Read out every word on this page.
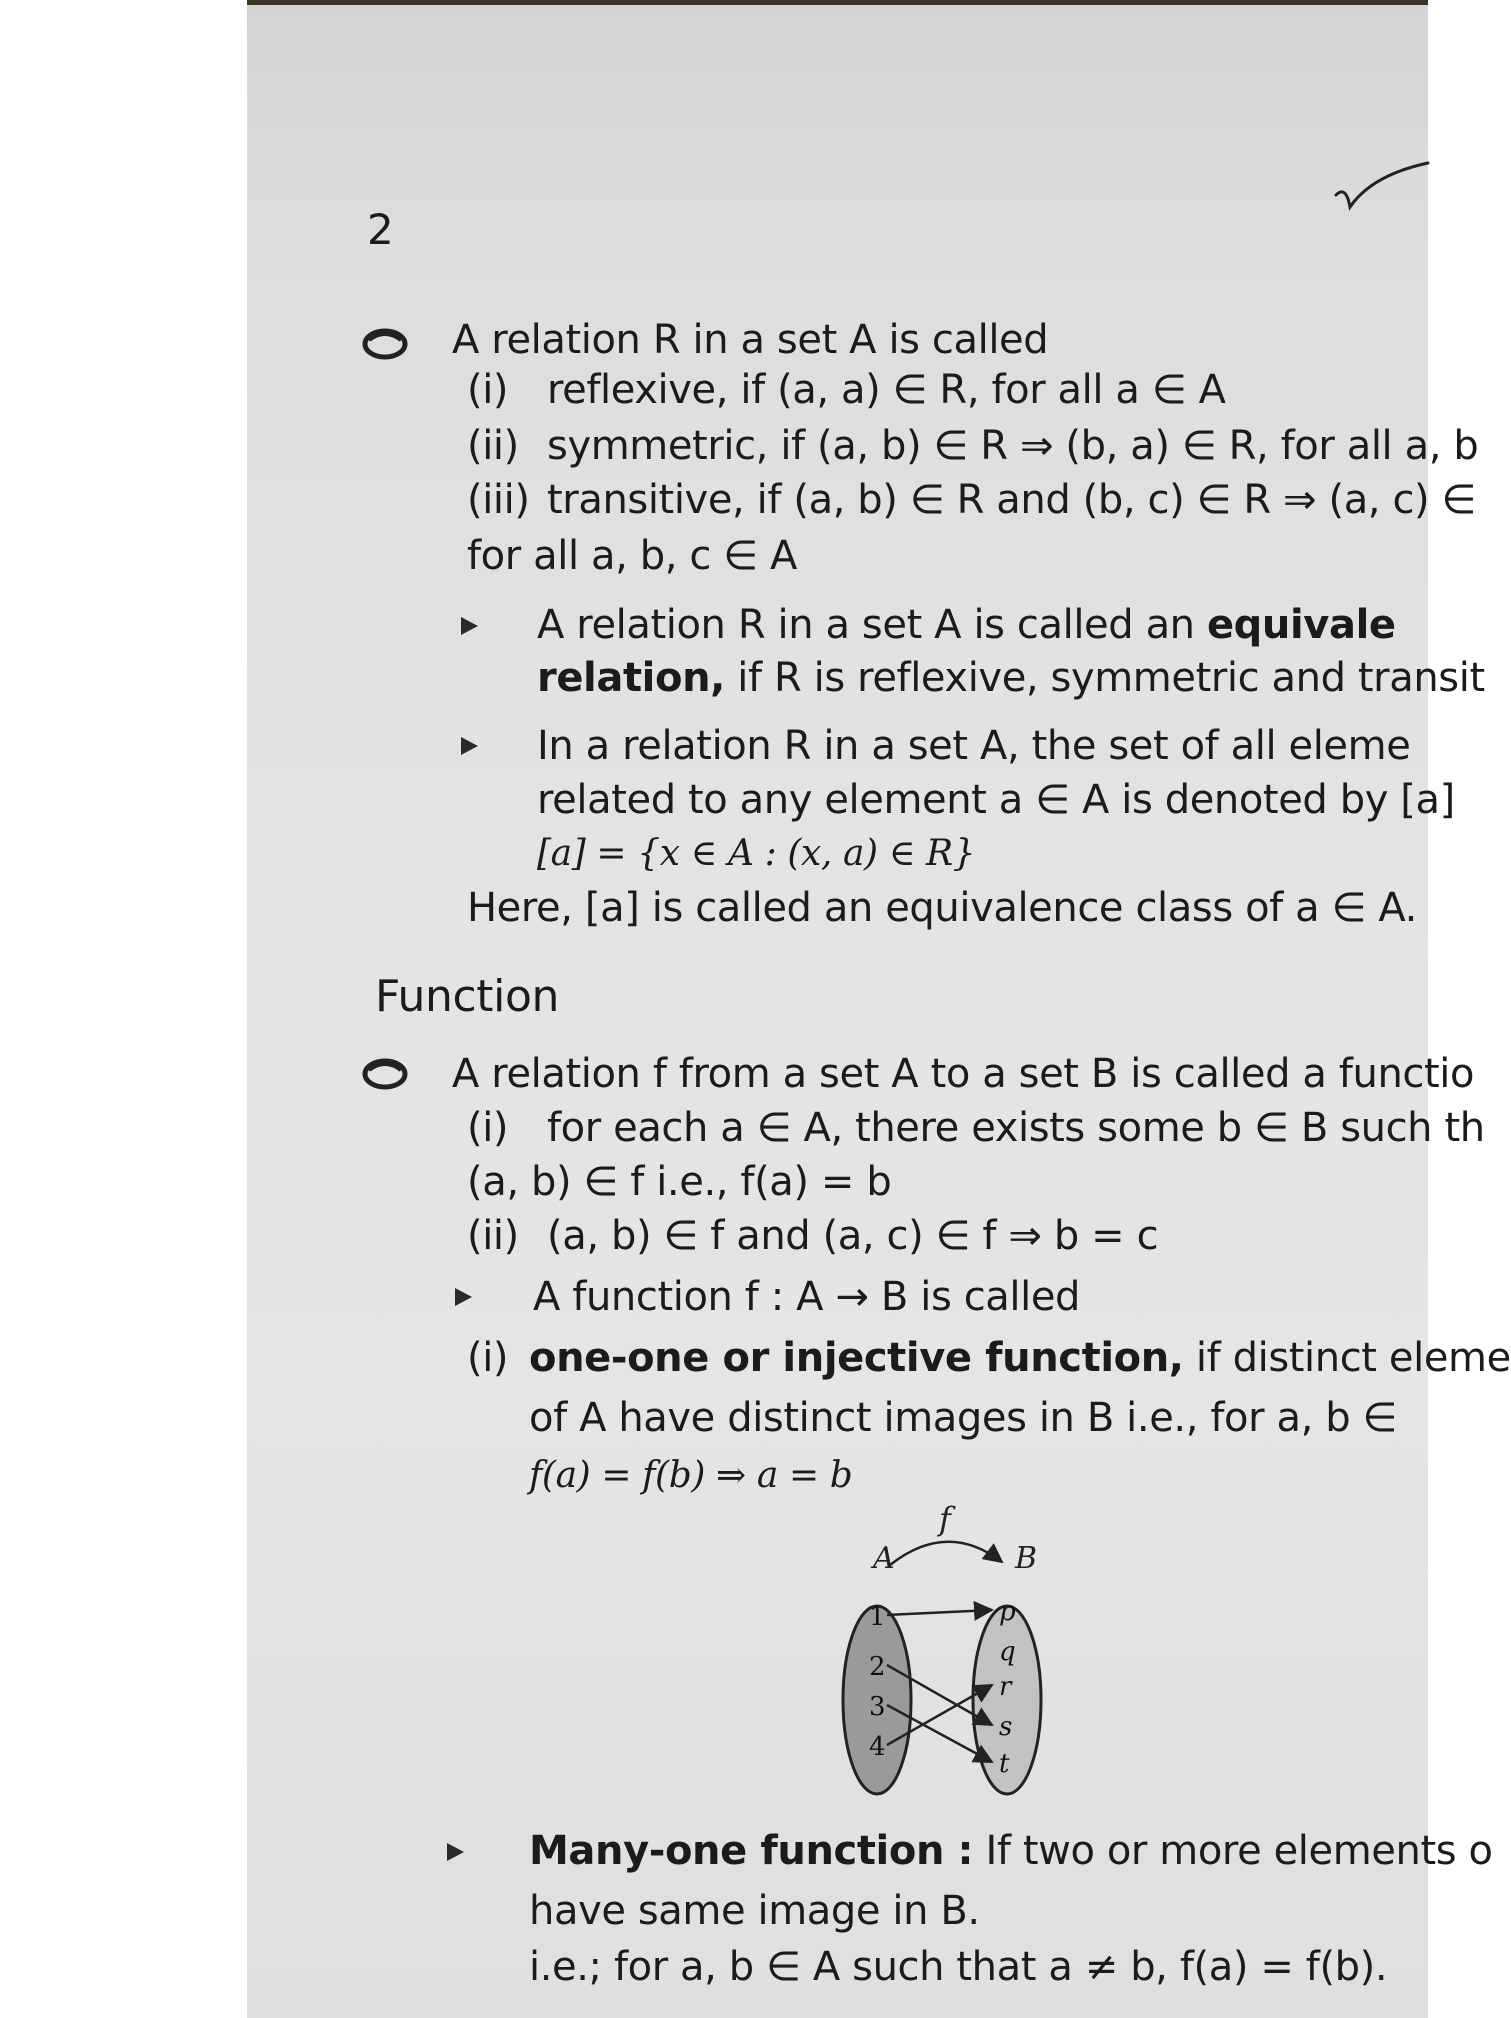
2
A relation R in a set A is called
(i) reflexive, if (a, a) ∈ R, for all a ∈ A
(ii) symmetric, if (a, b) ∈ R ⇒ (b, a) ∈ R, for all a, b
(iii) transitive, if (a, b) ∈ R and (b, c) ∈ R ⇒ (a, c) ∈
for all a, b, c ∈ A
A relation R in a set A is called an equivale
relation, if R is reflexive, symmetric and transit
In a relation R in a set A, the set of all eleme
related to any element a ∈ A is denoted by [a]
[a] = {x ∈ A : (x, a) ∈ R}
Here, [a] is called an equivalence class of a ∈ A.
Function
A relation f from a set A to a set B is called a functio
(i) for each a ∈ A, there exists some b ∈ B such th
(a, b) ∈ f i.e., f(a) = b
(ii) (a, b) ∈ f and (a, c) ∈ f ⇒ b = c
A function f : A → B is called
(i) one-one or injective function, if distinct eleme
of A have distinct images in B i.e., for a, b ∈
f(a) = f(b) ⇒ a = b
A	B
f
1
2
3
4
p
q
r
s
t
Many-one function : If two or more elements o
have same image in B.
i.e.; for a, b ∈ A such that a ≠ b, f(a) = f(b).
